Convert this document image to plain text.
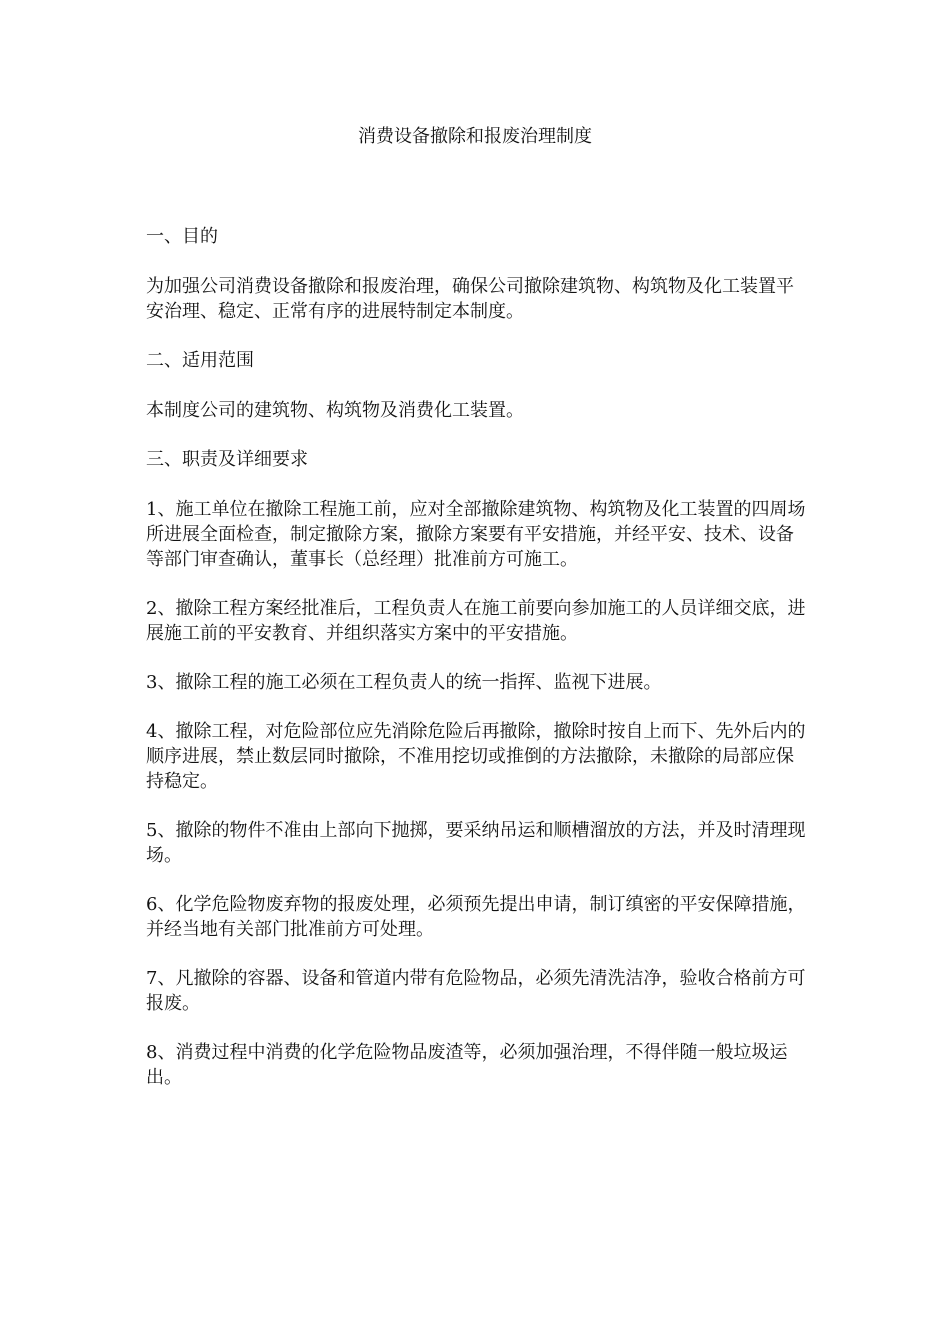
消费设备撤除和报废治理制度

一、目的

为加强公司消费设备撤除和报废治理，确保公司撤除建筑物、构筑物及化工装置平安治理、稳定、正常有序的进展特制定本制度。

二、适用范围

本制度公司的建筑物、构筑物及消费化工装置。

三、职责及详细要求

1、施工单位在撤除工程施工前，应对全部撤除建筑物、构筑物及化工装置的四周场所进展全面检查，制定撤除方案，撤除方案要有平安措施，并经平安、技术、设备等部门审查确认，董事长（总经理）批准前方可施工。

2、撤除工程方案经批准后，工程负责人在施工前要向参加施工的人员详细交底，进展施工前的平安教育、并组织落实方案中的平安措施。

3、撤除工程的施工必须在工程负责人的统一指挥、监视下进展。

4、撤除工程，对危险部位应先消除危险后再撤除，撤除时按自上而下、先外后内的顺序进展，禁止数层同时撤除，不准用挖切或推倒的方法撤除，未撤除的局部应保持稳定。

5、撤除的物件不准由上部向下抛掷，要采纳吊运和顺槽溜放的方法，并及时清理现场。

6、化学危险物废弃物的报废处理，必须预先提出申请，制订缜密的平安保障措施，并经当地有关部门批准前方可处理。

7、凡撤除的容器、设备和管道内带有危险物品，必须先清洗洁净，验收合格前方可报废。

8、消费过程中消费的化学危险物品废渣等，必须加强治理，不得伴随一般垃圾运出。
